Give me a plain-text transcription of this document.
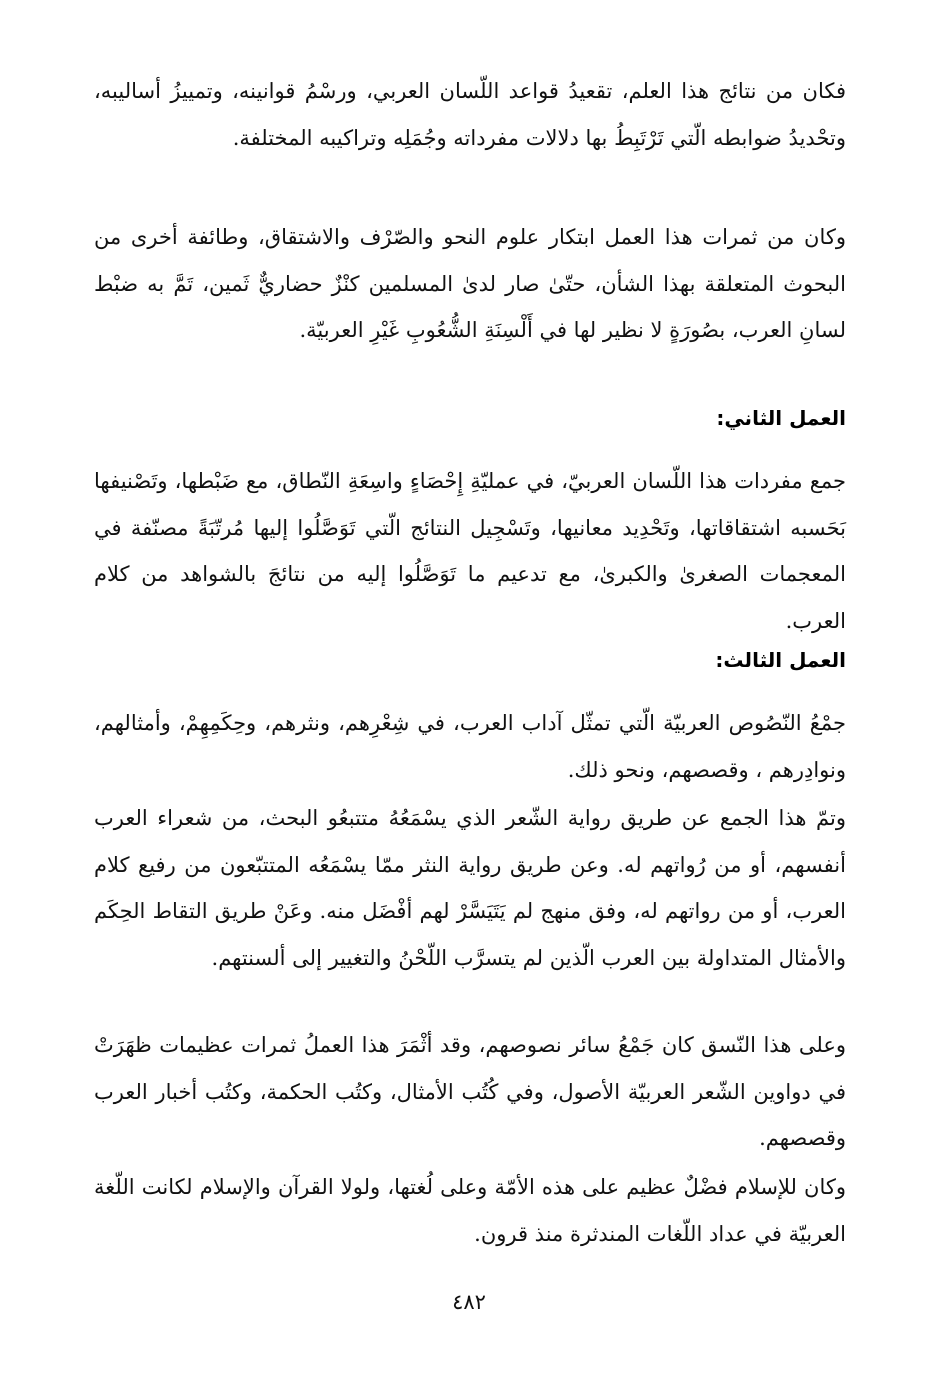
فكان من نتائج هذا العلم، تقعيدُ قواعد اللّسان العربي، ورسْمُ قوانينه، وتمييزُ أساليبه، وتحْديدُ ضوابطه الّتي تَرْتَبِطُ بها دلالات مفرداته وجُمَلِه وتراكيبه المختلفة.
وكان من ثمرات هذا العمل ابتكار علوم النحو والصّرْف والاشتقاق، وطائفة أخرى من البحوث المتعلقة بهذا الشأن، حتّىٰ صار لدىٰ المسلمين كنْزٌ حضاريٌّ ثَمين، تَمَّ به ضبْط لسانِ العرب، بصُورَةٍ لا نظير لها في أَلْسِنَةِ الشُّعُوبِ غَيْرِ العربيّة.
العمل الثاني:
جمع مفردات هذا اللّسان العربيّ، في عمليّةِ إِحْصَاءٍ واسِعَةِ النّطاق، مع ضَبْطها، وتَصْنيفها بَحَسبه اشتقاقاتها، وتَحْدِيد معانيها، وتَسْجِيل النتائج الّتي تَوَصَّلُوا إليها مُرتّبَةً مصنّفة في المعجمات الصغرىٰ والكبرىٰ، مع تدعيم ما تَوَصَّلُوا إليه من نتائجَ بالشواهد من كلام العرب.
العمل الثالث:
جمْعُ النّصُوص العربيّة الّتي تمثّل آداب العرب، في شِعْرِهم، ونثرهم، وحِكَمِهِمْ، وأمثالهم، ونوادِرهم ، وقصصهم، ونحو ذلك.
وتمّ هذا الجمع عن طريق رواية الشّعر الذي يسْمَعُهُ متتبعُو البحث، من شعراء العرب أنفسهم، أو من رُواتهم له. وعن طريق رواية النثر ممّا يسْمَعُه المتتبّعون من رفيع كلام العرب، أو من رواتهم له، وفق منهج لم يَتَيَسَّرْ لهم أفْضَل منه. وعَنْ طريق التقاط الحِكَم والأمثال المتداولة بين العرب الّذين لم يتسرَّب اللّحْنُ والتغيير إلى ألسنتهم.
وعلى هذا النّسق كان جَمْعُ سائر نصوصهم، وقد أثْمَرَ هذا العملُ ثمرات عظيمات ظهَرَتْ في دواوين الشّعر العربيّة الأصول، وفي كُتُب الأمثال، وكتُب الحكمة، وكتُب أخبار العرب وقصصهم.
وكان للإسلام فضْلٌ عظيم على هذه الأمّة وعلى لُغتها، ولولا القرآن والإسلام لكانت اللّغة العربيّة في عداد اللّغات المندثرة منذ قرون.
٤٨٢
